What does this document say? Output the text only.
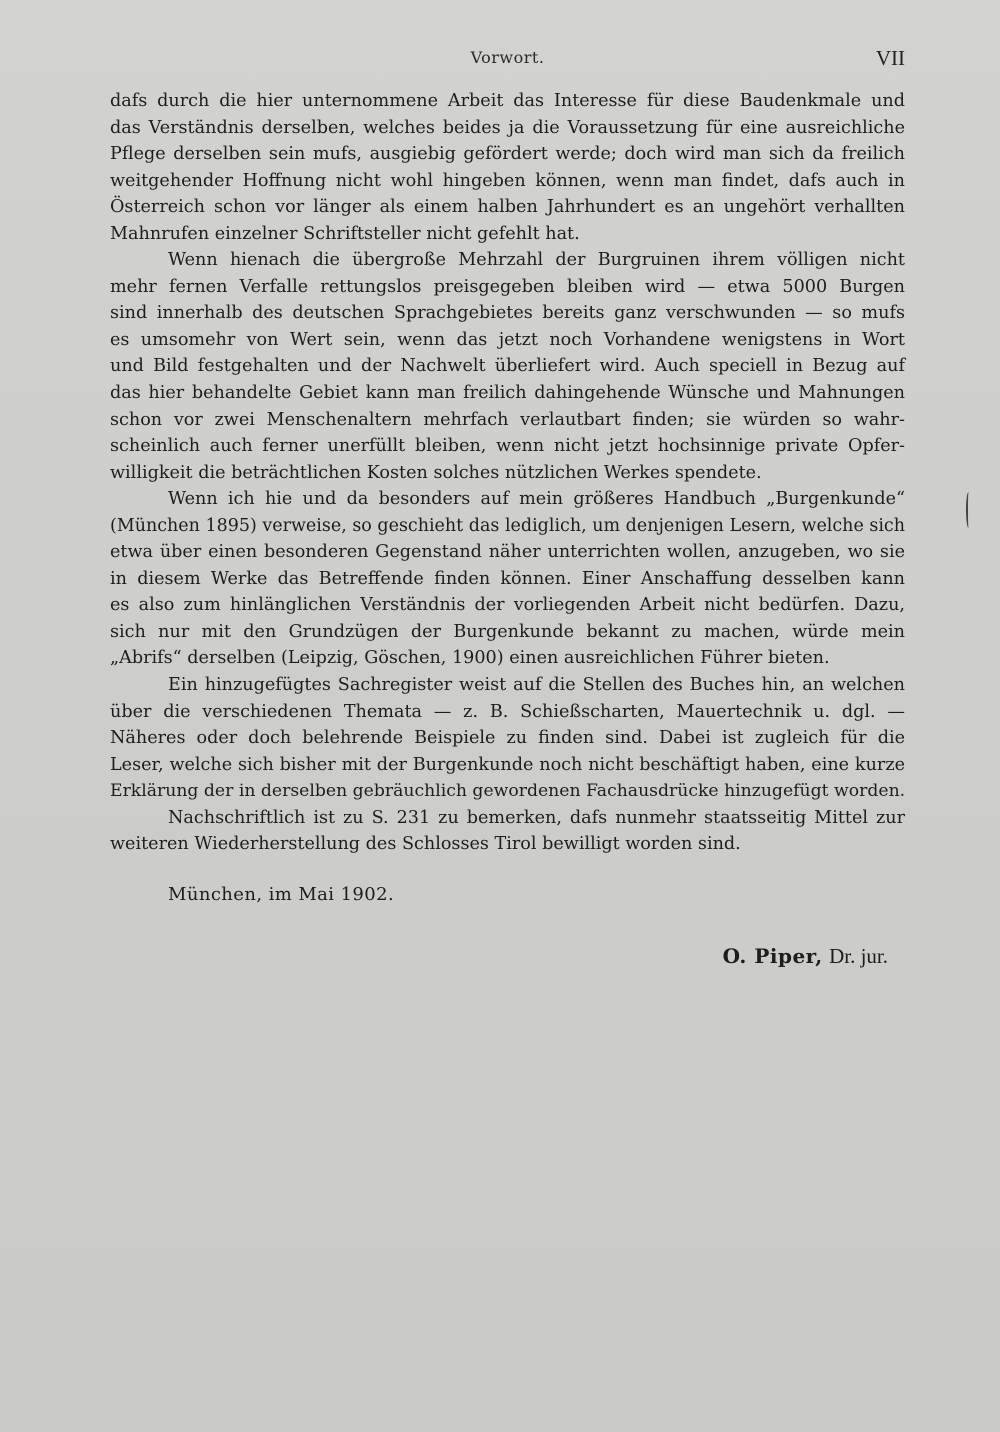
Vorwort.	VII
dafs durch die hier unternommene Arbeit das Interesse für diese Baudenkmale und
das Verständnis derselben, welches beides ja die Voraussetzung für eine ausreichliche
Pflege derselben sein mufs, ausgiebig gefördert werde; doch wird man sich da freilich
weitgehender Hoffnung nicht wohl hingeben können, wenn man findet, dafs auch in
Österreich schon vor länger als einem halben Jahrhundert es an ungehört verhallten
Mahnrufen einzelner Schriftsteller nicht gefehlt hat.
Wenn hienach die übergroße Mehrzahl der Burgruinen ihrem völligen nicht
mehr fernen Verfalle rettungslos preisgegeben bleiben wird — etwa 5000 Burgen
sind innerhalb des deutschen Sprachgebietes bereits ganz verschwunden — so mufs
es umsomehr von Wert sein, wenn das jetzt noch Vorhandene wenigstens in Wort
und Bild festgehalten und der Nachwelt überliefert wird. Auch speciell in Bezug auf
das hier behandelte Gebiet kann man freilich dahingehende Wünsche und Mahnungen
schon vor zwei Menschenaltern mehrfach verlautbart finden; sie würden so wahr-
scheinlich auch ferner unerfüllt bleiben, wenn nicht jetzt hochsinnige private Opfer-
willigkeit die beträchtlichen Kosten solches nützlichen Werkes spendete.
Wenn ich hie und da besonders auf mein größeres Handbuch „Burgenkunde“
(München 1895) verweise, so geschieht das lediglich, um denjenigen Lesern, welche sich
etwa über einen besonderen Gegenstand näher unterrichten wollen, anzugeben, wo sie
in diesem Werke das Betreffende finden können. Einer Anschaffung desselben kann
es also zum hinlänglichen Verständnis der vorliegenden Arbeit nicht bedürfen. Dazu,
sich nur mit den Grundzügen der Burgenkunde bekannt zu machen, würde mein
„Abrifs“ derselben (Leipzig, Göschen, 1900) einen ausreichlichen Führer bieten.
Ein hinzugefügtes Sachregister weist auf die Stellen des Buches hin, an welchen
über die verschiedenen Themata — z. B. Schießscharten, Mauertechnik u. dgl. —
Näheres oder doch belehrende Beispiele zu finden sind. Dabei ist zugleich für die
Leser, welche sich bisher mit der Burgenkunde noch nicht beschäftigt haben, eine kurze
Erklärung der in derselben gebräuchlich gewordenen Fachausdrücke hinzugefügt worden.
Nachschriftlich ist zu S. 231 zu bemerken, dafs nunmehr staatsseitig Mittel zur
weiteren Wiederherstellung des Schlosses Tirol bewilligt worden sind.
München, im Mai 1902.
O. Piper, Dr. jur.
